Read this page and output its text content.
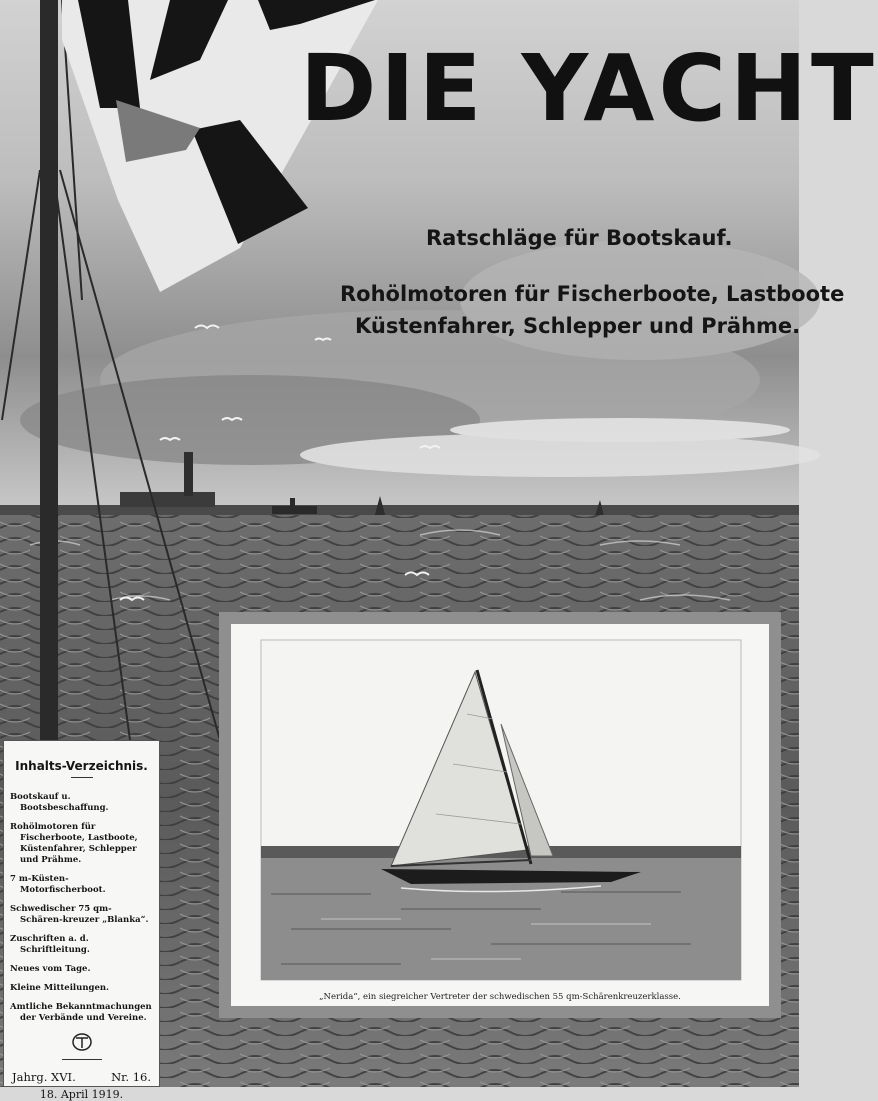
DIE YACHT
Ratschläge für Bootskauf.
Rohölmotoren für Fischerboote, Lastboote
Küstenfahrer, Schlepper und Prähme.
Inhalts-Verzeichnis.
Bootskauf u. Bootsbeschaffung.
Rohölmotoren für Fischerboote, Lastboote, Küstenfahrer, Schlepper und Prähme.
7 m-Küsten-Motorfischerboot.
Schwedischer 75 qm-Schären-kreuzer „Blanka“.
Zuschriften a. d. Schriftleitung.
Neues vom Tage.
Kleine Mitteilungen.
Amtliche Bekanntmachungen der Verbände und Vereine.
Jahrg. XVI.	Nr. 16.
18. April 1919.
„Nerida“, ein siegreicher Vertreter der schwedischen 55 qm-Schärenkreuzerklasse.
